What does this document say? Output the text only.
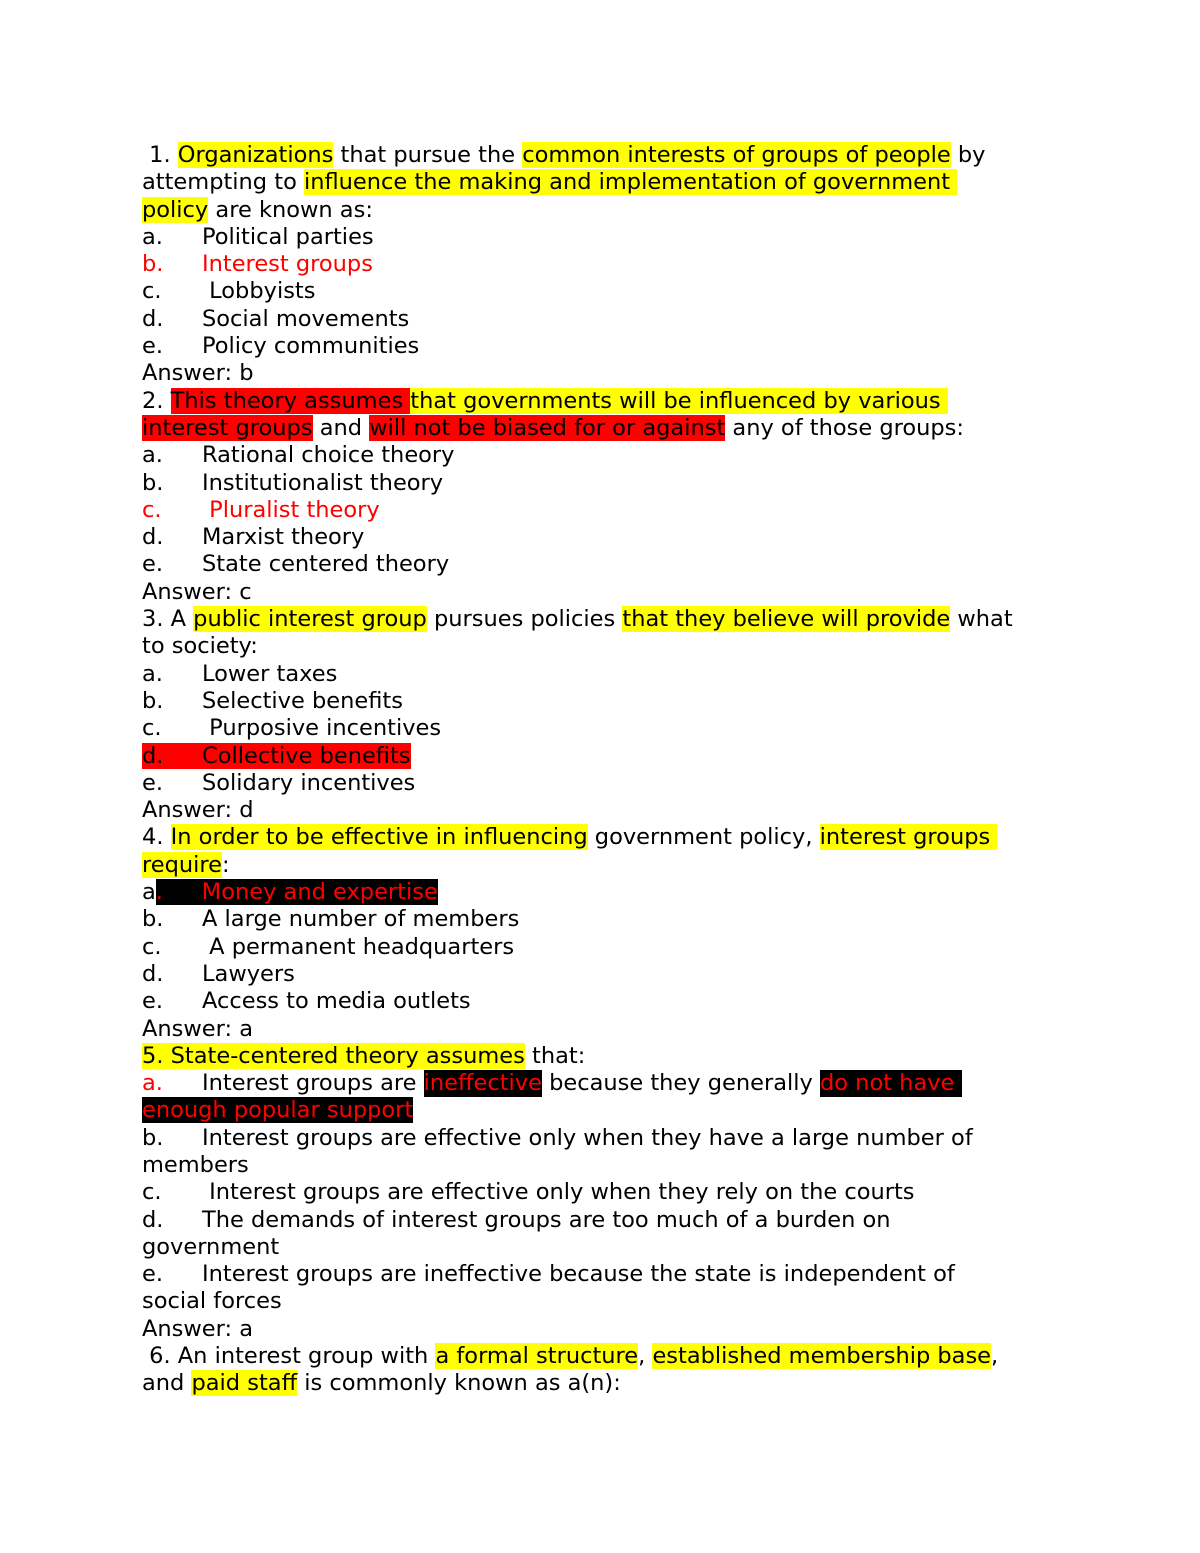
1. Organizations that pursue the common interests of groups of people by
attempting to influence the making and implementation of government
policy are known as:
a.	Political parties
b.	Interest groups
c.	Lobbyists
d.	Social movements
e.	Policy communities
Answer: b
2. This theory assumes that governments will be influenced by various
interest groups and will not be biased for or against any of those groups:
a.	Rational choice theory
b.	Institutionalist theory
c.	Pluralist theory
d.	Marxist theory
e.	State centered theory
Answer: c
3. A public interest group pursues policies that they believe will provide what
to society:
a.	Lower taxes
b.	Selective benefits
c.	Purposive incentives
d. Collective benefits
e.	Solidary incentives
Answer: d
4. In order to be effective in influencing government policy, interest groups
require:
a. Money and expertise
b.	A large number of members
c.	A permanent headquarters
d.	Lawyers
e.	Access to media outlets
Answer: a
5. State-centered theory assumes that:
a.	Interest groups are ineffective because they generally do not have
enough popular support
b.	Interest groups are effective only when they have a large number of
members
c.	Interest groups are effective only when they rely on the courts
d.	The demands of interest groups are too much of a burden on
government
e.	Interest groups are ineffective because the state is independent of
social forces
Answer: a
6. An interest group with a formal structure, established membership base,
and paid staff is commonly known as a(n):
